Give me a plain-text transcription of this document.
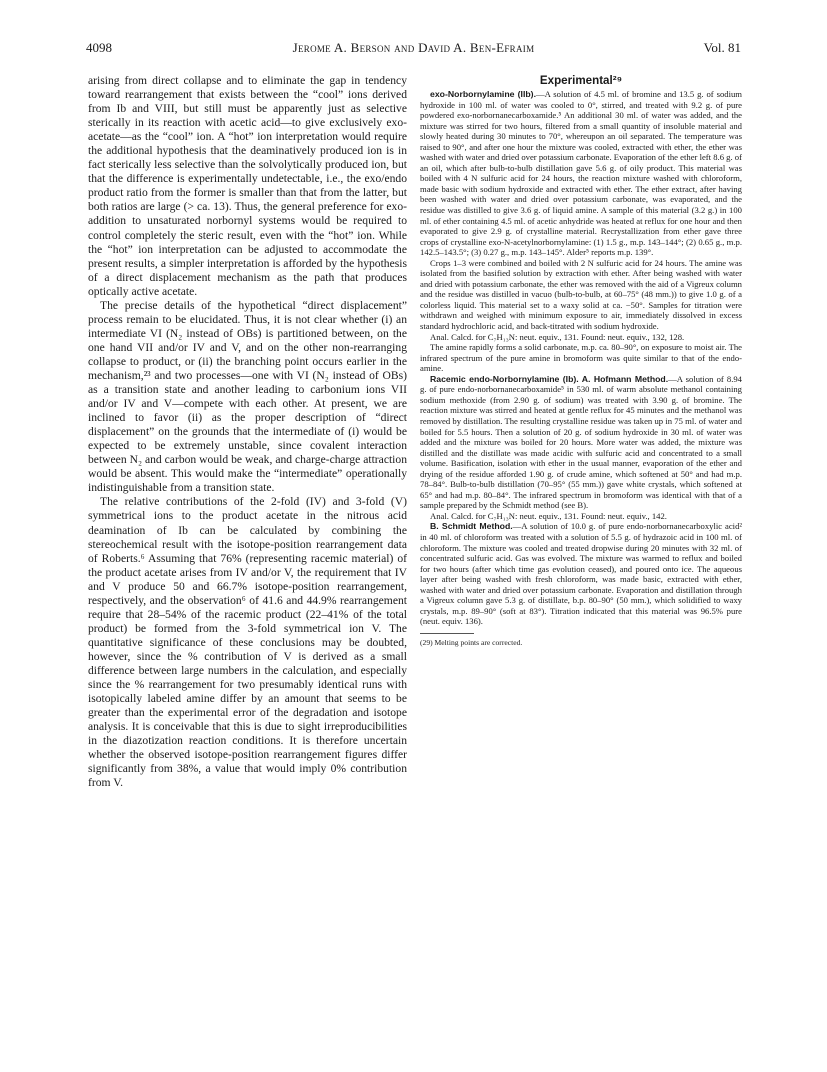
4098	Jerome A. Berson and David A. Ben-Efraim	Vol. 81

arising from direct collapse and to eliminate the gap in tendency toward rearrangement that exists between the “cool” ions derived from Ib and VIII, but still must be apparently just as selective sterically in its reaction with acetic acid—to give exclusively exo-acetate—as the “cool” ion. A “hot” ion interpretation would require the additional hypothesis that the deaminatively produced ion is in fact sterically less selective than the solvolytically produced ion, but that the difference is experimentally undetectable, i.e., the exo/endo product ratio from the former is smaller than that from the latter, but both ratios are large (> ca. 13). Thus, the general preference for exo-addition to unsaturated norbornyl systems would be required to control completely the steric result, even with the “hot” ion. While the “hot” ion interpretation can be adjusted to accommodate the present results, a simpler interpretation is afforded by the hypothesis of a direct displacement mechanism as the path that produces optically active acetate.

The precise details of the hypothetical “direct displacement” process remain to be elucidated. Thus, it is not clear whether (i) an intermediate VI (N₂ instead of OBs) is partitioned between, on the one hand VII and/or IV and V, and on the other non-rearranging collapse to product, or (ii) the branching point occurs earlier in the mechanism,²³ and two processes—one with VI (N₂ instead of OBs) as a transition state and another leading to carbonium ions VII and/or IV and V—compete with each other. At present, we are inclined to favor (ii) as the proper description of “direct displacement” on the grounds that the intermediate of (i) would be expected to be extremely unstable, since covalent interaction between N₂ and carbon would be weak, and charge-charge attraction would be absent. This would make the “intermediate” operationally indistinguishable from a transition state.

The relative contributions of the 2-fold (IV) and 3-fold (V) symmetrical ions to the product acetate in the nitrous acid deamination of Ib can be calculated by combining the stereochemical result with the isotope-position rearrangement data of Roberts.⁶ Assuming that 76% (representing racemic material) of the product acetate arises from IV and/or V, the requirement that IV and V produce 50 and 66.7% isotope-position rearrangement, respectively, and the observation⁶ of 41.6 and 44.9% rearrangement require that 28–54% of the racemic product (22–41% of the total product) be formed from the 3-fold symmetrical ion V. The quantitative significance of these conclusions may be doubted, however, since the % contribution of V is derived as a small difference between large numbers in the calculation, and especially since the % rearrangement for two presumably identical runs with isotopically labeled amine differ by an amount that seems to be greater than the experimental error of the degradation and isotope analysis. It is conceivable that this is due to sight irreproducibilities in the diazotization reaction conditions. It is therefore uncertain whether the observed isotope-position rearrangement figures differ significantly from 38%, a value that would imply 0% contribution from V.

Experimental²⁹

exo-Norbornylamine (IIb).—A solution of 4.5 ml. of bromine and 13.5 g. of sodium hydroxide in 100 ml. of water was cooled to 0°, stirred, and treated with 9.2 g. of pure powdered exo-norbornanecarboxamide.⁵ An additional 30 ml. of water was added, and the mixture was stirred for two hours, filtered from a small quantity of insoluble material and slowly heated during 30 minutes to 70°, whereupon an oil separated. The temperature was raised to 90°, and after one hour the mixture was cooled, extracted with ether, the ether was washed with water and dried over potassium carbonate. Evaporation of the ether left 8.6 g. of an oil, which after bulb-to-bulb distillation gave 5.6 g. of oily product. This material was boiled with 4 N sulfuric acid for 24 hours, the reaction mixture washed with chloroform, made basic with sodium hydroxide and extracted with ether. The ether extract, after having been washed with water and dried over potassium carbonate, was evaporated, and the residue was distilled to give 3.6 g. of liquid amine. A sample of this material (3.2 g.) in 100 ml. of ether containing 4.5 ml. of acetic anhydride was heated at reflux for one hour and then evaporated to give 2.9 g. of crystalline material. Recrystallization from ether gave three crops of crystalline exo-N-acetylnorbornylamine: (1) 1.5 g., m.p. 143–144°; (2) 0.65 g., m.p. 142.5–143.5°; (3) 0.27 g., m.p. 143–145°. Alder⁵ reports m.p. 139°.

Crops 1–3 were combined and boiled with 2 N sulfuric acid for 24 hours. The amine was isolated from the basified solution by extraction with ether. After being washed with water and dried with potassium carbonate, the ether was removed with the aid of a Vigreux column and the residue was distilled in vacuo (bulb-to-bulb, at 60–75° (48 mm.)) to give 1.0 g. of a colorless liquid. This material set to a waxy solid at ca. −50°. Samples for titration were withdrawn and weighed with minimum exposure to air, immediately dissolved in excess standard hydrochloric acid, and back-titrated with sodium hydroxide.

Anal. Calcd. for C₇H₁₃N: neut. equiv., 131. Found: neut. equiv., 132, 128.

The amine rapidly forms a solid carbonate, m.p. ca. 80–90°, on exposure to moist air. The infrared spectrum of the pure amine in bromoform was quite similar to that of the endo-amine.

Racemic endo-Norbornylamine (Ib). A. Hofmann Method.—A solution of 8.94 g. of pure endo-norbornanecarboxamide⁵ in 530 ml. of warm absolute methanol containing sodium methoxide (from 2.90 g. of sodium) was treated with 3.90 g. of bromine. The reaction mixture was stirred and heated at gentle reflux for 45 minutes and the methanol was removed by distillation. The resulting crystalline residue was taken up in 75 ml. of water and boiled for 5.5 hours. Then a solution of 20 g. of sodium hydroxide in 30 ml. of water was added and the mixture was boiled for 20 hours. More water was added, the mixture was distilled and the distillate was made acidic with sulfuric acid and concentrated to a small volume. Basification, isolation with ether in the usual manner, evaporation of the ether and drying of the residue afforded 1.90 g. of crude amine, which softened at 50° and had m.p. 78–84°. Bulb-to-bulb distillation (70–95° (55 mm.)) gave white crystals, which softened at 65° and had m.p. 80–84°. The infrared spectrum in bromoform was identical with that of a sample prepared by the Schmidt method (see B).

Anal. Calcd. for C₇H₁₃N: neut. equiv., 131. Found: neut. equiv., 142.

B. Schmidt Method.—A solution of 10.0 g. of pure endo-norbornanecarboxylic acid² in 40 ml. of chloroform was treated with a solution of 5.5 g. of hydrazoic acid in 100 ml. of chloroform. The mixture was cooled and treated dropwise during 20 minutes with 32 ml. of concentrated sulfuric acid. Gas was evolved. The mixture was warmed to reflux and boiled for two hours (after which time gas evolution ceased), and poured onto ice. The aqueous layer after being washed with fresh chloroform, was made basic, extracted with ether, washed with water and dried over potassium carbonate. Evaporation and distillation through a Vigreux column gave 5.3 g. of distillate, b.p. 80–90° (50 mm.), which solidified to waxy crystals, m.p. 89–90° (soft at 83°). Titration indicated that this material was 96.5% pure (neut. equiv. 136).

(29) Melting points are corrected.
